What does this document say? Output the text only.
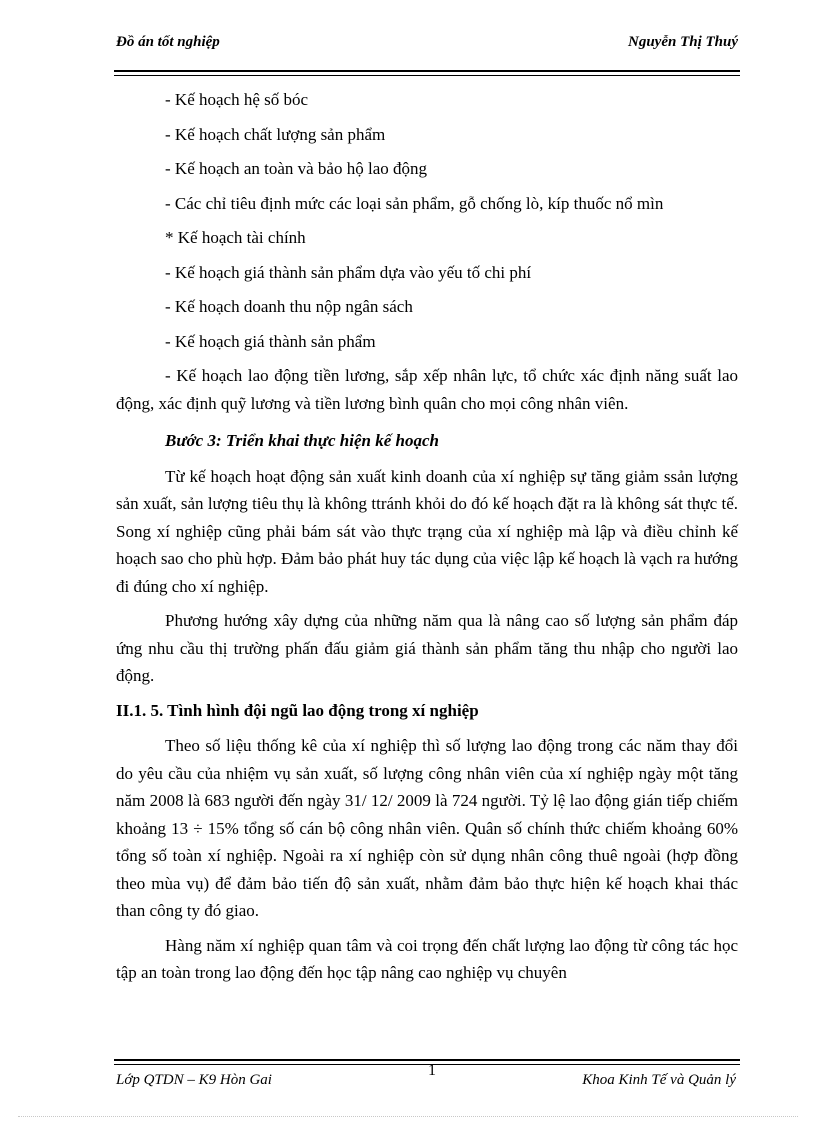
Đồ án tốt nghiệp	Nguyễn Thị Thuý
- Kế hoạch hệ số bóc
- Kế hoạch chất lượng sản phẩm
- Kế hoạch an toàn và bảo hộ lao động
- Các chỉ tiêu định mức các loại sản phẩm, gỗ chống lò, kíp thuốc nổ mìn
* Kế hoạch tài chính
- Kế hoạch giá thành sản phẩm dựa vào yếu tố chi phí
- Kế hoạch doanh thu nộp ngân sách
- Kế hoạch giá thành sản phẩm

- Kế hoạch lao động tiền lương, sắp xếp nhân lực, tổ chức xác định năng suất lao động, xác định quỹ lương và tiền lương bình quân cho mọi công nhân viên.

Bước 3: Triển khai thực hiện kế hoạch

Từ kế hoạch hoạt động sản xuất kinh doanh của xí nghiệp sự tăng giảm ssản lượng sản xuất, sản lượng tiêu thụ là không ttránh khỏi do đó kế hoạch đặt ra là không sát thực tế. Song xí nghiệp cũng phải bám sát vào thực trạng của xí nghiệp mà lập và điều chỉnh kế hoạch sao cho phù hợp. Đảm bảo phát huy tác dụng của việc lập kế hoạch là vạch ra hướng đi đúng cho xí nghiệp.

Phương hướng xây dựng của những năm qua là nâng cao số lượng sản phẩm đáp ứng nhu cầu thị trường phấn đấu giảm giá thành sản phẩm tăng thu nhập cho người lao động.

II.1. 5. Tình hình đội ngũ lao động trong xí nghiệp

Theo số liệu thống kê của xí nghiệp thì số lượng lao động trong các năm thay đổi do yêu cầu của nhiệm vụ sản xuất, số lượng công nhân viên của xí nghiệp ngày một tăng năm 2008 là 683 người đến ngày 31/ 12/ 2009 là 724 người. Tỷ lệ lao động gián tiếp chiếm khoảng 13 ÷ 15% tổng số cán bộ công nhân viên. Quân số chính thức chiếm khoảng 60% tổng số toàn xí nghiệp. Ngoài ra xí nghiệp còn sử dụng nhân công thuê ngoài (hợp đồng theo mùa vụ) để đảm bảo tiến độ sản xuất, nhằm đảm bảo thực hiện kế hoạch khai thác than công ty đó giao.

Hàng năm xí nghiệp quan tâm và coi trọng đến chất lượng lao động từ công tác học tập an toàn trong lao động đến học tập nâng cao nghiệp vụ chuyên

Lớp QTDN – K9 Hòn Gai
1
Khoa Kinh Tế và Quản lý
